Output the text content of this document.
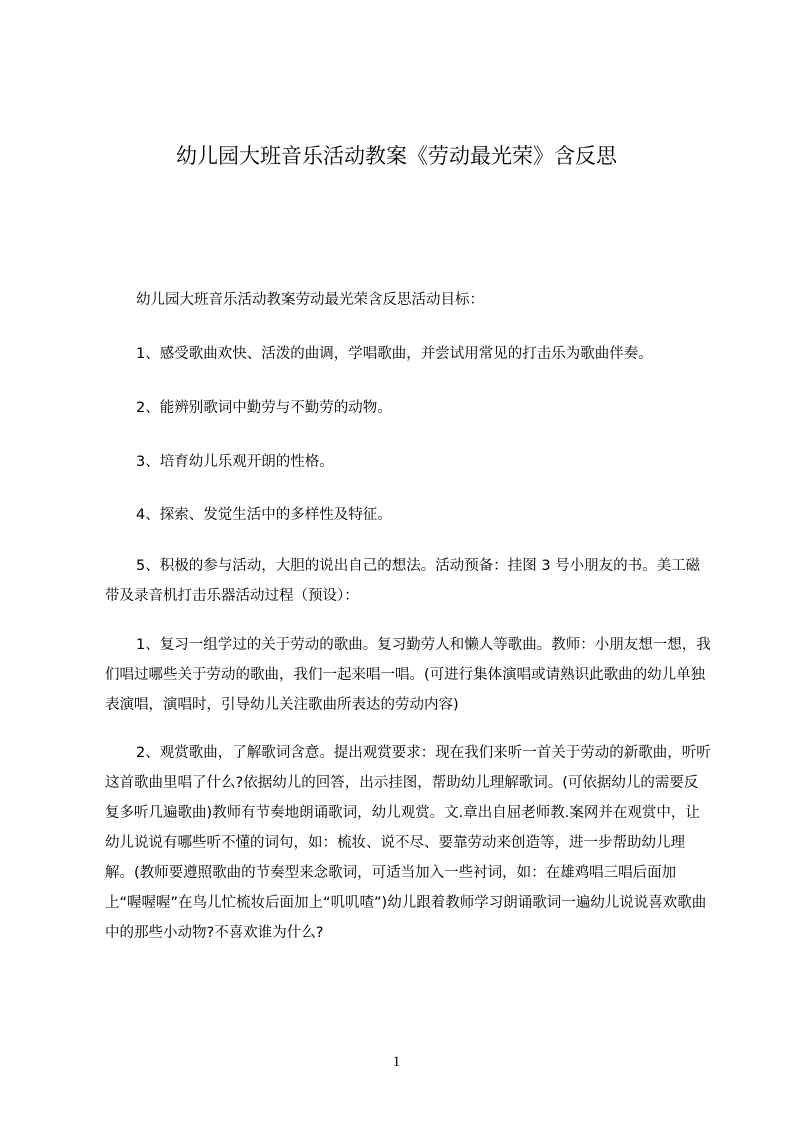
幼儿园大班音乐活动教案《劳动最光荣》含反思

幼儿园大班音乐活动教案劳动最光荣含反思活动目标：

1、感受歌曲欢快、活泼的曲调，学唱歌曲，并尝试用常见的打击乐为歌曲伴奏。

2、能辨别歌词中勤劳与不勤劳的动物。

3、培育幼儿乐观开朗的性格。

4、探索、发觉生活中的多样性及特征。

5、积极的参与活动，大胆的说出自己的想法。活动预备：挂图 3 号小朋友的书。美工磁带及录音机打击乐器活动过程（预设）：

1、复习一组学过的关于劳动的歌曲。复习勤劳人和懒人等歌曲。教师：小朋友想一想，我们唱过哪些关于劳动的歌曲，我们一起来唱一唱。(可进行集体演唱或请熟识此歌曲的幼儿单独表演唱，演唱时，引导幼儿关注歌曲所表达的劳动内容)

2、观赏歌曲，了解歌词含意。提出观赏要求：现在我们来听一首关于劳动的新歌曲，听听这首歌曲里唱了什么?依据幼儿的回答，出示挂图，帮助幼儿理解歌词。(可依据幼儿的需要反复多听几遍歌曲)教师有节奏地朗诵歌词，幼儿观赏。文.章出自屈老师教.案网并在观赏中，让幼儿说说有哪些听不懂的词句，如：梳妆、说不尽、要靠劳动来创造等，进一步帮助幼儿理解。(教师要遵照歌曲的节奏型来念歌词，可适当加入一些衬词，如：在雄鸡唱三唱后面加上“喔喔喔”在鸟儿忙梳妆后面加上“叽叽喳”)幼儿跟着教师学习朗诵歌词一遍幼儿说说喜欢歌曲中的那些小动物?不喜欢谁为什么?

1
